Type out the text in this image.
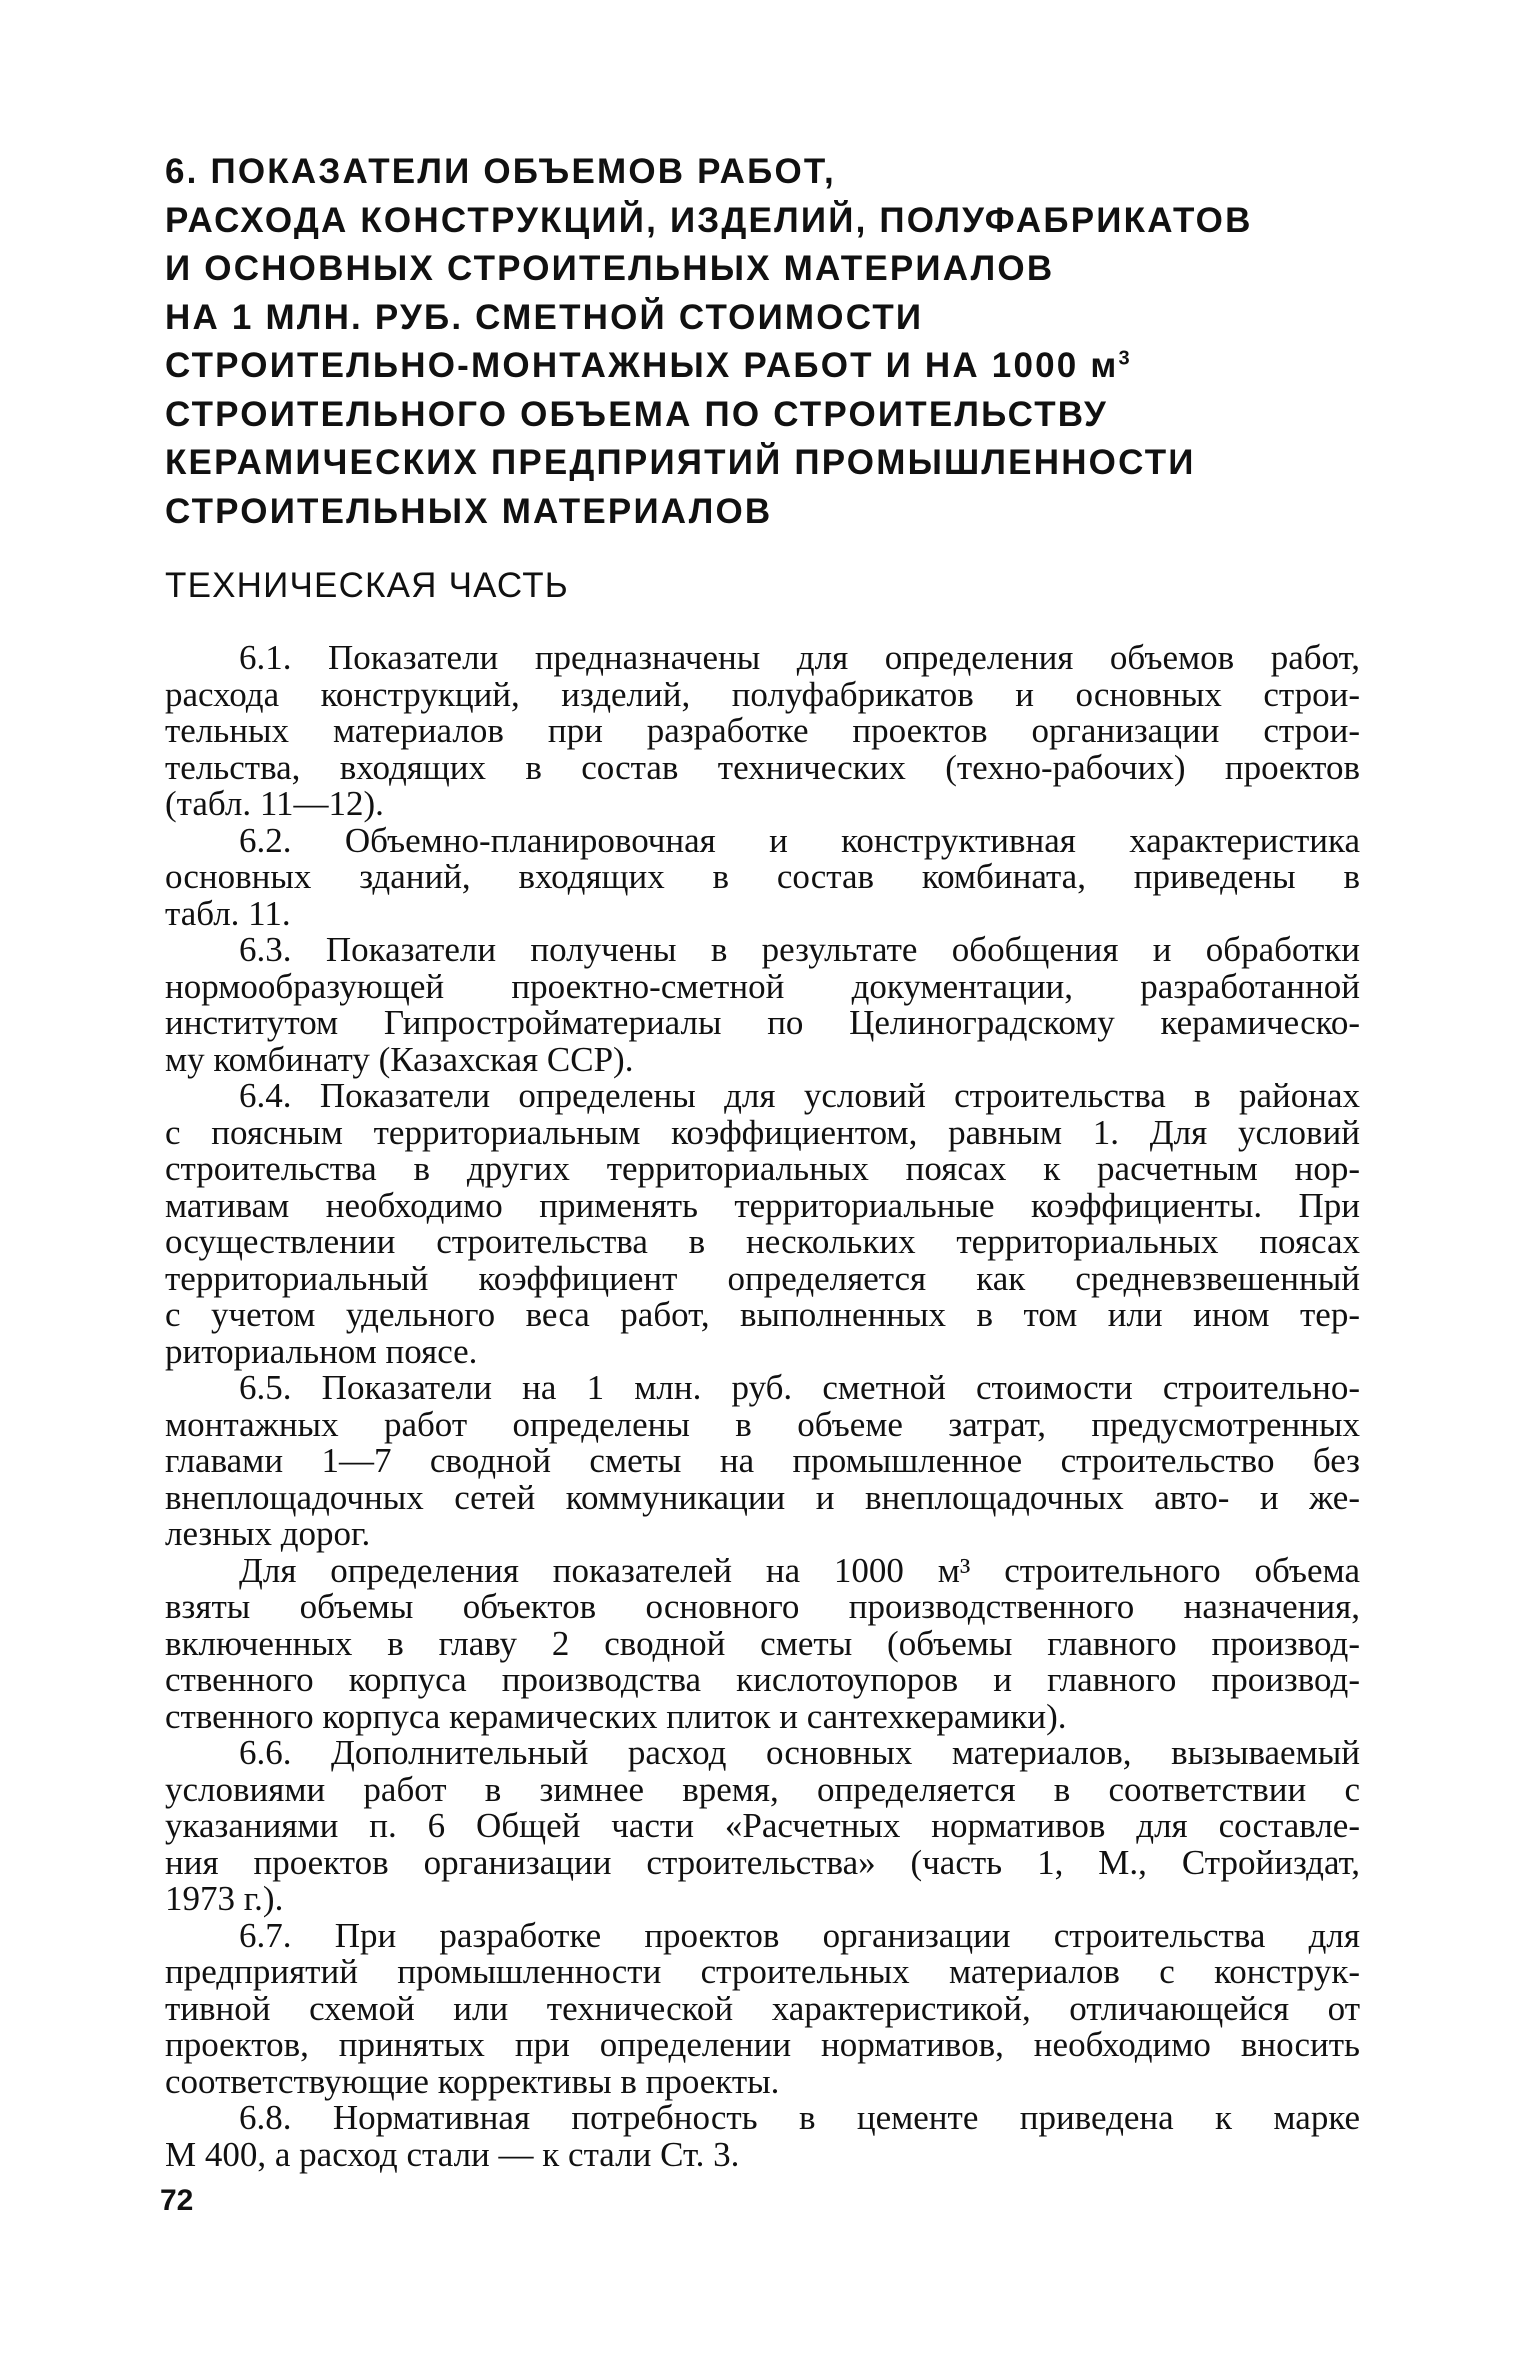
6. ПОКАЗАТЕЛИ ОБЪЕМОВ РАБОТ,
РАСХОДА КОНСТРУКЦИЙ, ИЗДЕЛИЙ, ПОЛУФАБРИКАТОВ
И ОСНОВНЫХ СТРОИТЕЛЬНЫХ МАТЕРИАЛОВ
НА 1 МЛН. РУБ. СМЕТНОЙ СТОИМОСТИ
СТРОИТЕЛЬНО-МОНТАЖНЫХ РАБОТ И НА 1000 $м^3$
СТРОИТЕЛЬНОГО ОБЪЕМА ПО СТРОИТЕЛЬСТВУ
КЕРАМИЧЕСКИХ ПРЕДПРИЯТИЙ ПРОМЫШЛЕННОСТИ
СТРОИТЕЛЬНЫХ МАТЕРИАЛОВ
ТЕХНИЧЕСКАЯ ЧАСТЬ

6.1. Показатели предназначены для определения объемов работ,
расхода конструкций, изделий, полуфабрикатов и основных строи-
тельных материалов при разработке проектов организации строи-
тельства, входящих в состав технических (техно-рабочих) проектов
(табл. 11—12).

6.2. Объемно-планировочная и конструктивная характеристика
основных зданий, входящих в состав комбината, приведены в
табл. 11.

6.3. Показатели получены в результате обобщения и обработки
нормообразующей проектно-сметной документации, разработанной
институтом Гипростройматериалы по Целиноградскому керамическо-
му комбинату (Казахская ССР).

6.4. Показатели определены для условий строительства в районах
с поясным территориальным коэффициентом, равным 1. Для условий
строительства в других территориальных поясах к расчетным нор-
мативам необходимо применять территориальные коэффициенты. При
осуществлении строительства в нескольких территориальных поясах
территориальный коэффициент определяется как средневзвешенный
с учетом удельного веса работ, выполненных в том или ином тер-
риториальном поясе.

6.5. Показатели на 1 млн. руб. сметной стоимости строительно-
монтажных работ определены в объеме затрат, предусмотренных
главами 1—7 сводной сметы на промышленное строительство без
внеплощадочных сетей коммуникации и внеплощадочных авто- и же-
лезных дорог.

Для определения показателей на 1000 м³ строительного объема
взяты объемы объектов основного производственного назначения,
включенных в главу 2 сводной сметы (объемы главного производ-
ственного корпуса производства кислотоупоров и главного производ-
ственного корпуса керамических плиток и сантехкерамики).

6.6. Дополнительный расход основных материалов, вызываемый
условиями работ в зимнее время, определяется в соответствии с
указаниями п. 6 Общей части «Расчетных нормативов для составле-
ния проектов организации строительства» (часть 1, М., Стройиздат,
1973 г.).

6.7. При разработке проектов организации строительства для
предприятий промышленности строительных материалов с конструк-
тивной схемой или технической характеристикой, отличающейся от
проектов, принятых при определении нормативов, необходимо вносить
соответствующие коррективы в проекты.

6.8. Нормативная потребность в цементе приведена к марке
М 400, а расход стали — к стали Ст. 3.

72
